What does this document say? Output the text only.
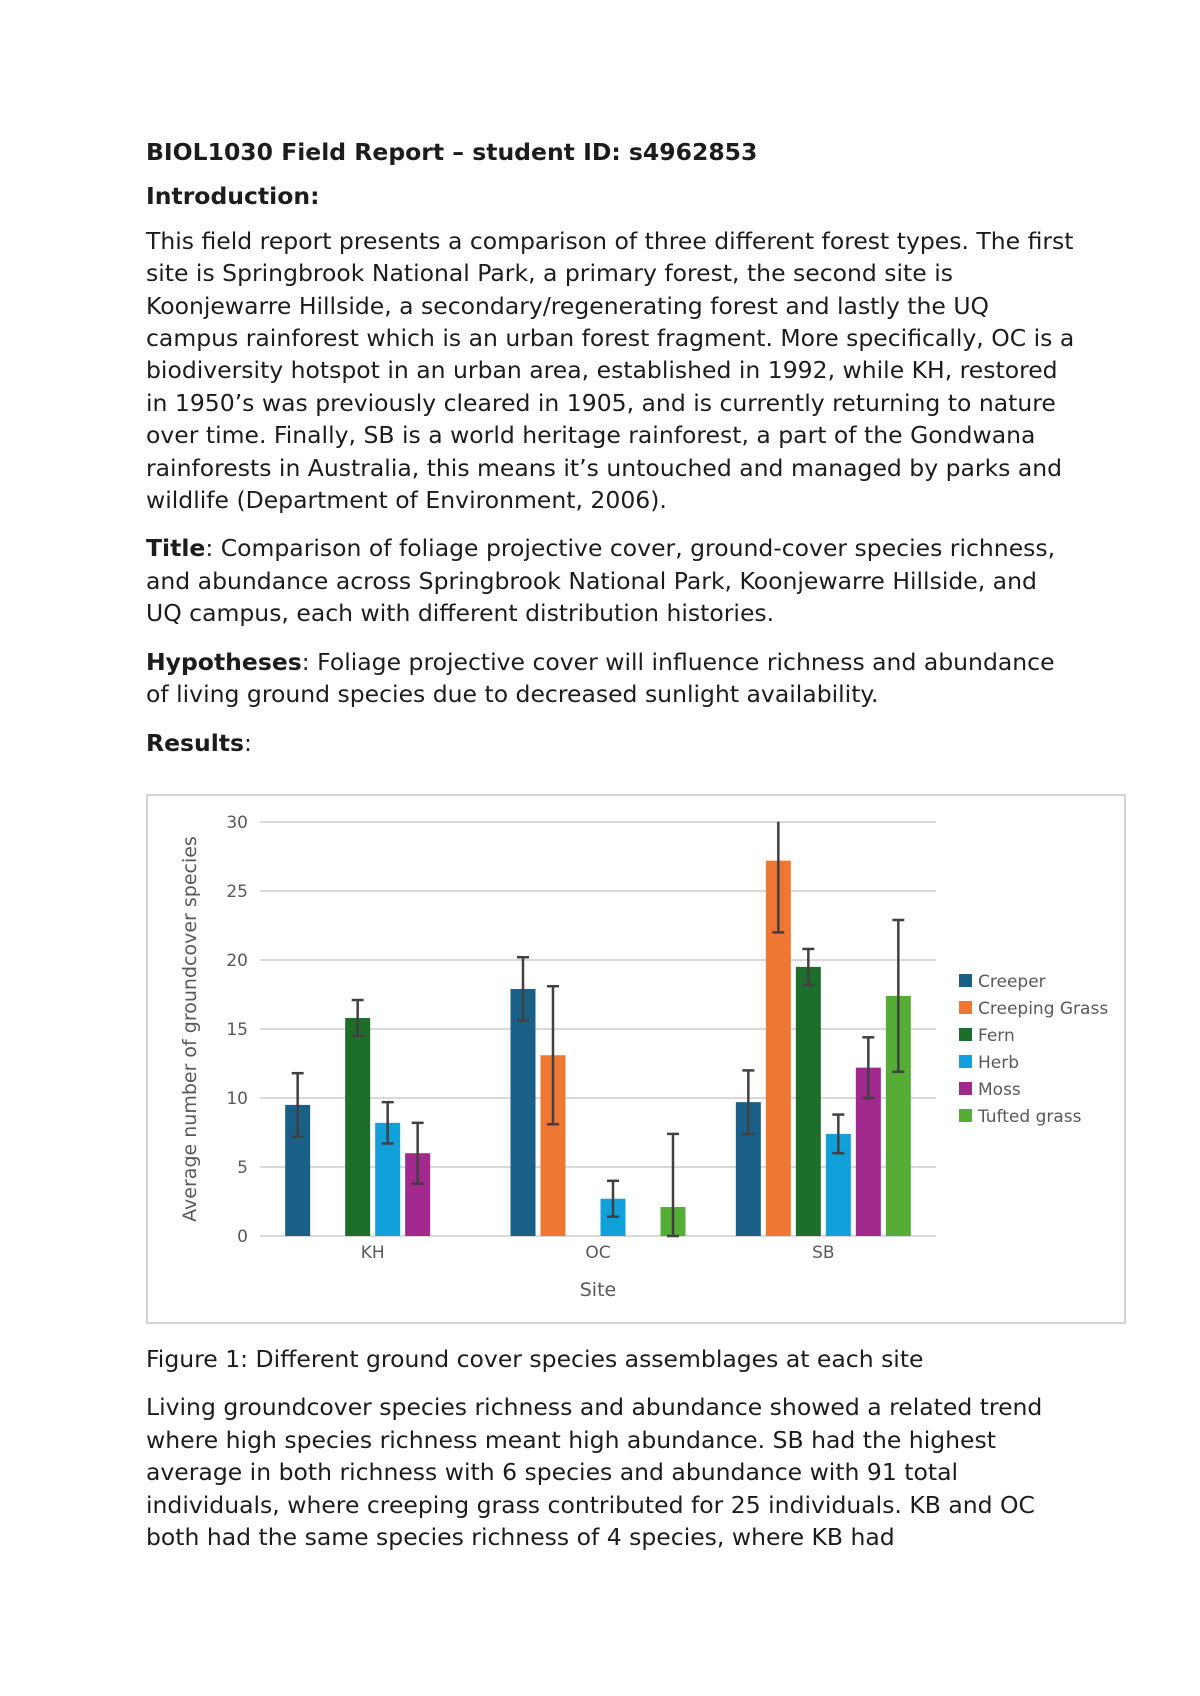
BIOL1030 Field Report – student ID: s4962853

Introduction:

This field report presents a comparison of three different forest types. The first site is Springbrook National Park, a primary forest, the second site is Koonjewarre Hillside, a secondary/regenerating forest and lastly the UQ campus rainforest which is an urban forest fragment. More specifically, OC is a biodiversity hotspot in an urban area, established in 1992, while KH, restored in 1950’s was previously cleared in 1905, and is currently returning to nature over time. Finally, SB is a world heritage rainforest, a part of the Gondwana rainforests in Australia, this means it’s untouched and managed by parks and wildlife (Department of Environment, 2006).

Title: Comparison of foliage projective cover, ground-cover species richness, and abundance across Springbrook National Park, Koonjewarre Hillside, and UQ campus, each with different distribution histories.

Hypotheses: Foliage projective cover will influence richness and abundance of living ground species due to decreased sunlight availability.

Results:

0
5
10
15
20
25
30
KH	OC	SB
Site
Average number of groundcover species	Creeper
Creeping Grass
Fern
Herb
Moss
Tufted grass
Figure 1: Different ground cover species assemblages at each site
Living groundcover species richness and abundance showed a related trend where high species richness meant high abundance. SB had the highest average in both richness with 6 species and abundance with 91 total individuals, where creeping grass contributed for 25 individuals. KB and OC both had the same species richness of 4 species, where KB had
